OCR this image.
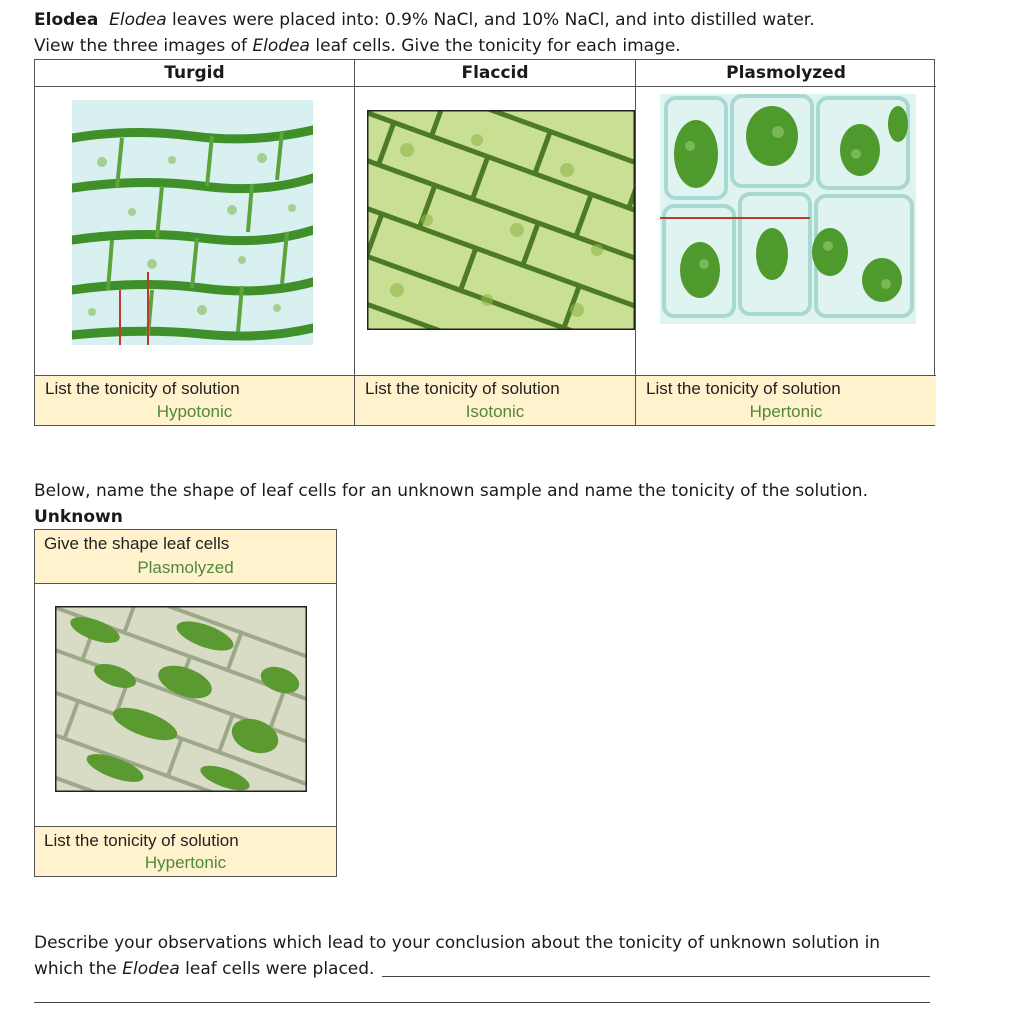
Elodea Elodea leaves were placed into: 0.9% NaCl, and 10% NaCl, and into distilled water.
View the three images of Elodea leaf cells. Give the tonicity for each image.
Turgid
List the tonicity of solution
Hypotonic
Flaccid
List the tonicity of solution
Isotonic
Plasmolyzed
List the tonicity of solution
Hpertonic
Below, name the shape of leaf cells for an unknown sample and name the tonicity of the solution.
Unknown
Give the shape leaf cells
Plasmolyzed
List the tonicity of solution
Hypertonic
Describe your observations which lead to your conclusion about the tonicity of unknown solution in
which the Elodea leaf cells were placed.
